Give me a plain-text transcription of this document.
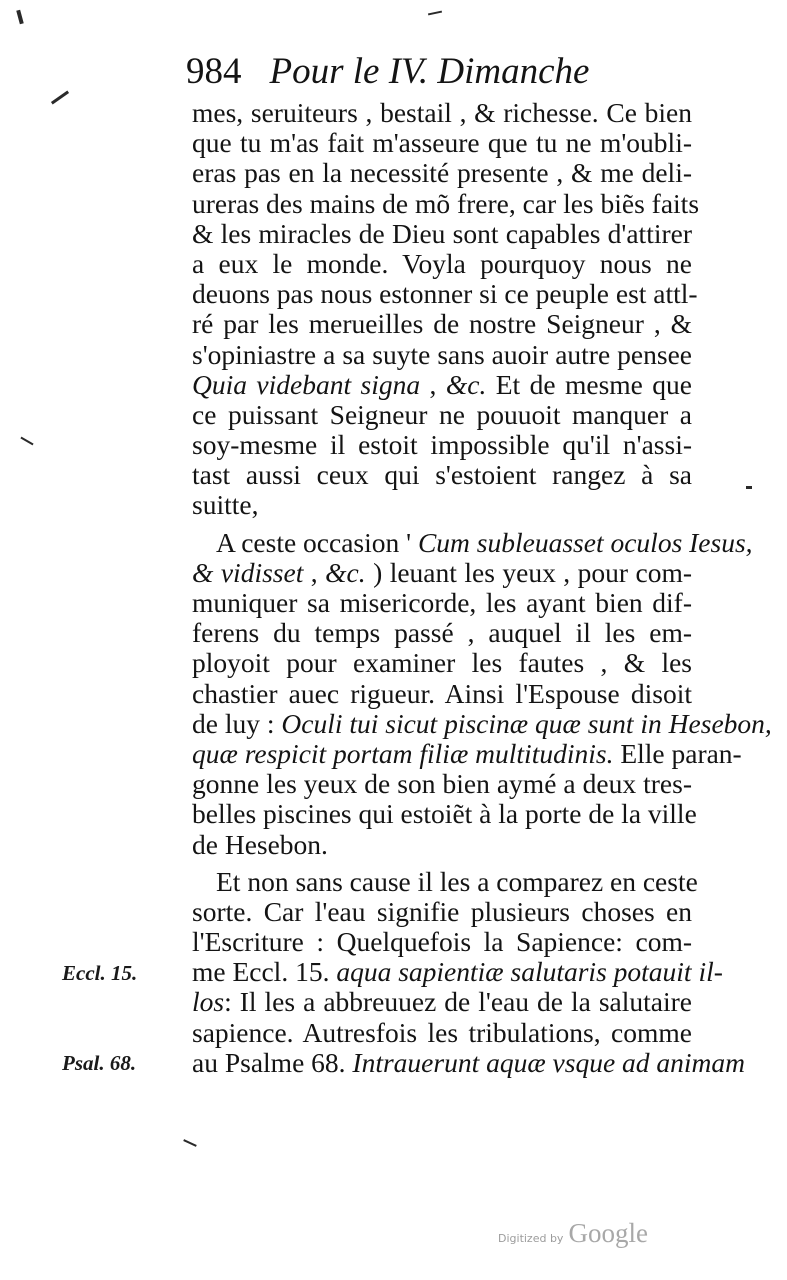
984 Pour le IV. Dimanche
mes, seruiteurs , bestail , & richesse. Ce bien
que tu m'as fait m'asseure que tu ne m'oubli-
eras pas en la necessité presente , & me deli-
ureras des mains de mõ frere, car les biẽs faits
& les miracles de Dieu sont capables d'attirer
a eux le monde. Voyla pourquoy nous ne
deuons pas nous estonner si ce peuple est attl-
ré par les merueilles de nostre Seigneur , &
s'opiniastre a sa suyte sans auoir autre pensee
Quia videbant signa , &c. Et de mesme que
ce puissant Seigneur ne pouuoit manquer a
soy-mesme il estoit impossible qu'il n'assi-
tast aussi ceux qui s'estoient rangez à sa
suitte,
A ceste occasion ' Cum subleuasset oculos Iesus,
& vidisset , &c. ) leuant les yeux , pour com-
muniquer sa misericorde, les ayant bien dif-
ferens du temps passé , auquel il les em-
ployoit pour examiner les fautes , & les
chastier auec rigueur. Ainsi l'Espouse disoit
de luy : Oculi tui sicut piscinæ quæ sunt in Hesebon,
quæ respicit portam filiæ multitudinis. Elle paran-
gonne les yeux de son bien aymé a deux tres-
belles piscines qui estoiẽt à la porte de la ville
de Hesebon.
Et non sans cause il les a comparez en ceste
sorte. Car l'eau signifie plusieurs choses en
l'Escriture : Quelquefois la Sapience: com-
me Eccl. 15. aqua sapientiæ salutaris potauit il-
los: Il les a abbreuuez de l'eau de la salutaire
sapience. Autresfois les tribulations, comme
au Psalme 68. Intrauerunt aquæ vsque ad animam
Eccl. 15.
Psal. 68.
Digitized by Google
